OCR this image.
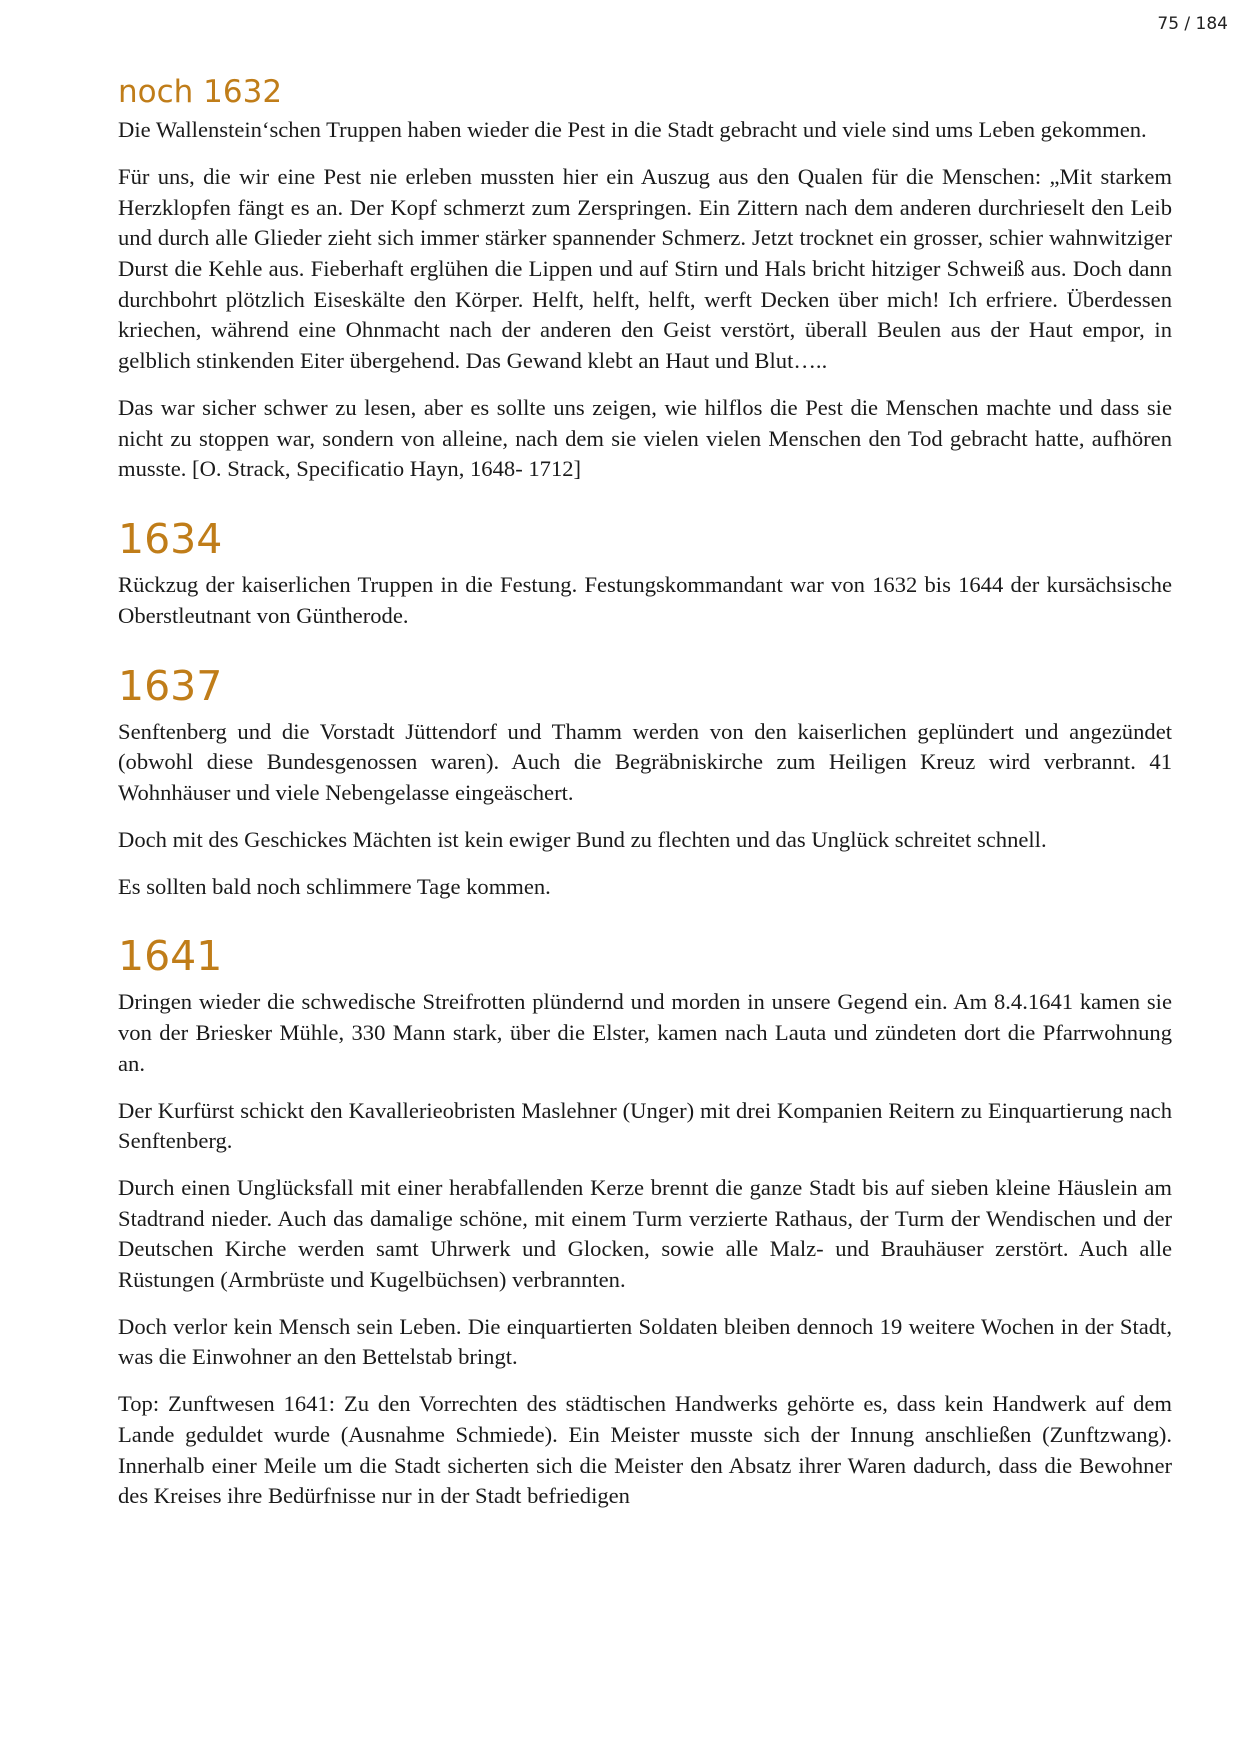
75 / 184

noch 1632

Die Wallenstein‘schen Truppen haben wieder die Pest in die Stadt gebracht und viele sind ums Leben gekommen.

Für uns, die wir eine Pest nie erleben mussten hier ein Auszug aus den Qualen für die Menschen: „Mit starkem Herzklopfen fängt es an. Der Kopf schmerzt zum Zerspringen. Ein Zittern nach dem anderen durchrieselt den Leib und durch alle Glieder zieht sich immer stärker spannender Schmerz. Jetzt trocknet ein grosser, schier wahnwitziger Durst die Kehle aus. Fieberhaft erglühen die Lippen und auf Stirn und Hals bricht hitziger Schweiß aus. Doch dann durchbohrt plötzlich Eiseskälte den Körper. Helft, helft, helft, werft Decken über mich! Ich erfriere. Überdessen kriechen, während eine Ohnmacht nach der anderen den Geist verstört, überall Beulen aus der Haut empor, in gelblich stinkenden Eiter übergehend. Das Gewand klebt an Haut und Blut…..

Das war sicher schwer zu lesen, aber es sollte uns zeigen, wie hilflos die Pest die Menschen machte und dass sie nicht zu stoppen war, sondern von alleine, nach dem sie vielen vielen Menschen den Tod gebracht hatte, aufhören musste. [O. Strack, Specificatio Hayn, 1648- 1712]

1634

Rückzug der kaiserlichen Truppen in die Festung. Festungskommandant war von 1632 bis 1644 der kursächsische Oberstleutnant von Güntherode.

1637

Senftenberg und die Vorstadt Jüttendorf und Thamm werden von den kaiserlichen geplündert und angezündet (obwohl diese Bundesgenossen waren). Auch die Begräbniskirche zum Heiligen Kreuz wird verbrannt. 41 Wohnhäuser und viele Nebengelasse eingeäschert.

Doch mit des Geschickes Mächten ist kein ewiger Bund zu flechten und das Unglück schreitet schnell.

Es sollten bald noch schlimmere Tage kommen.

1641

Dringen wieder die schwedische Streifrotten plündernd und morden in unsere Gegend ein. Am 8.4.1641 kamen sie von der Briesker Mühle, 330 Mann stark, über die Elster, kamen nach Lauta und zündeten dort die Pfarrwohnung an.

Der Kurfürst schickt den Kavallerieobristen Maslehner (Unger) mit drei Kompanien Reitern zu Einquartierung nach Senftenberg.

Durch einen Unglücksfall mit einer herabfallenden Kerze brennt die ganze Stadt bis auf sieben kleine Häuslein am Stadtrand nieder. Auch das damalige schöne, mit einem Turm verzierte Rathaus, der Turm der Wendischen und der Deutschen Kirche werden samt Uhrwerk und Glocken, sowie alle Malz- und Brauhäuser zerstört. Auch alle Rüstungen (Armbrüste und Kugelbüchsen) verbrannten.

Doch verlor kein Mensch sein Leben. Die einquartierten Soldaten bleiben dennoch 19 weitere Wochen in der Stadt, was die Einwohner an den Bettelstab bringt.

Top: Zunftwesen 1641: Zu den Vorrechten des städtischen Handwerks gehörte es, dass kein Handwerk auf dem Lande geduldet wurde (Ausnahme Schmiede). Ein Meister musste sich der Innung anschließen (Zunftzwang). Innerhalb einer Meile um die Stadt sicherten sich die Meister den Absatz ihrer Waren dadurch, dass die Bewohner des Kreises ihre Bedürfnisse nur in der Stadt befriedigen
